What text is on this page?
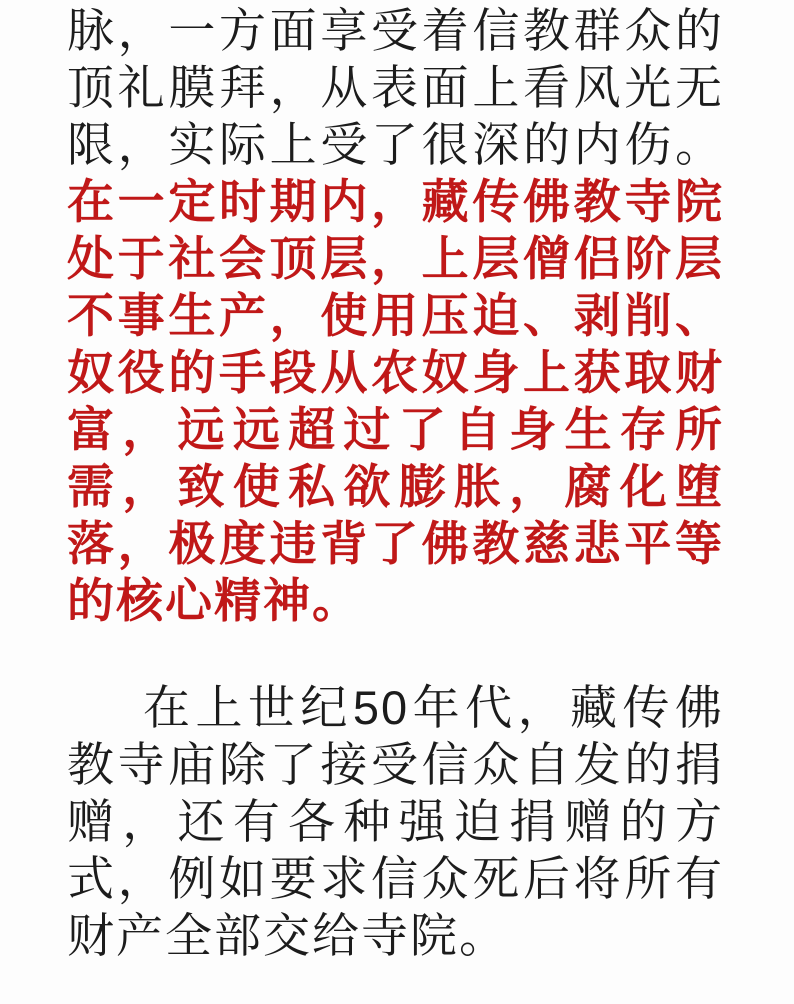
脉，一方面享受着信教群众的顶礼膜拜，从表面上看风光无限，实际上受了很深的内伤。在一定时期内，藏传佛教寺院处于社会顶层，上层僧侣阶层不事生产，使用压迫、剥削、奴役的手段从农奴身上获取财富，远远超过了自身生存所需，致使私欲膨胀，腐化堕落，极度违背了佛教慈悲平等的核心精神。

在上世纪50年代，藏传佛教寺庙除了接受信众自发的捐赠，还有各种强迫捐赠的方式，例如要求信众死后将所有财产全部交给寺院。
